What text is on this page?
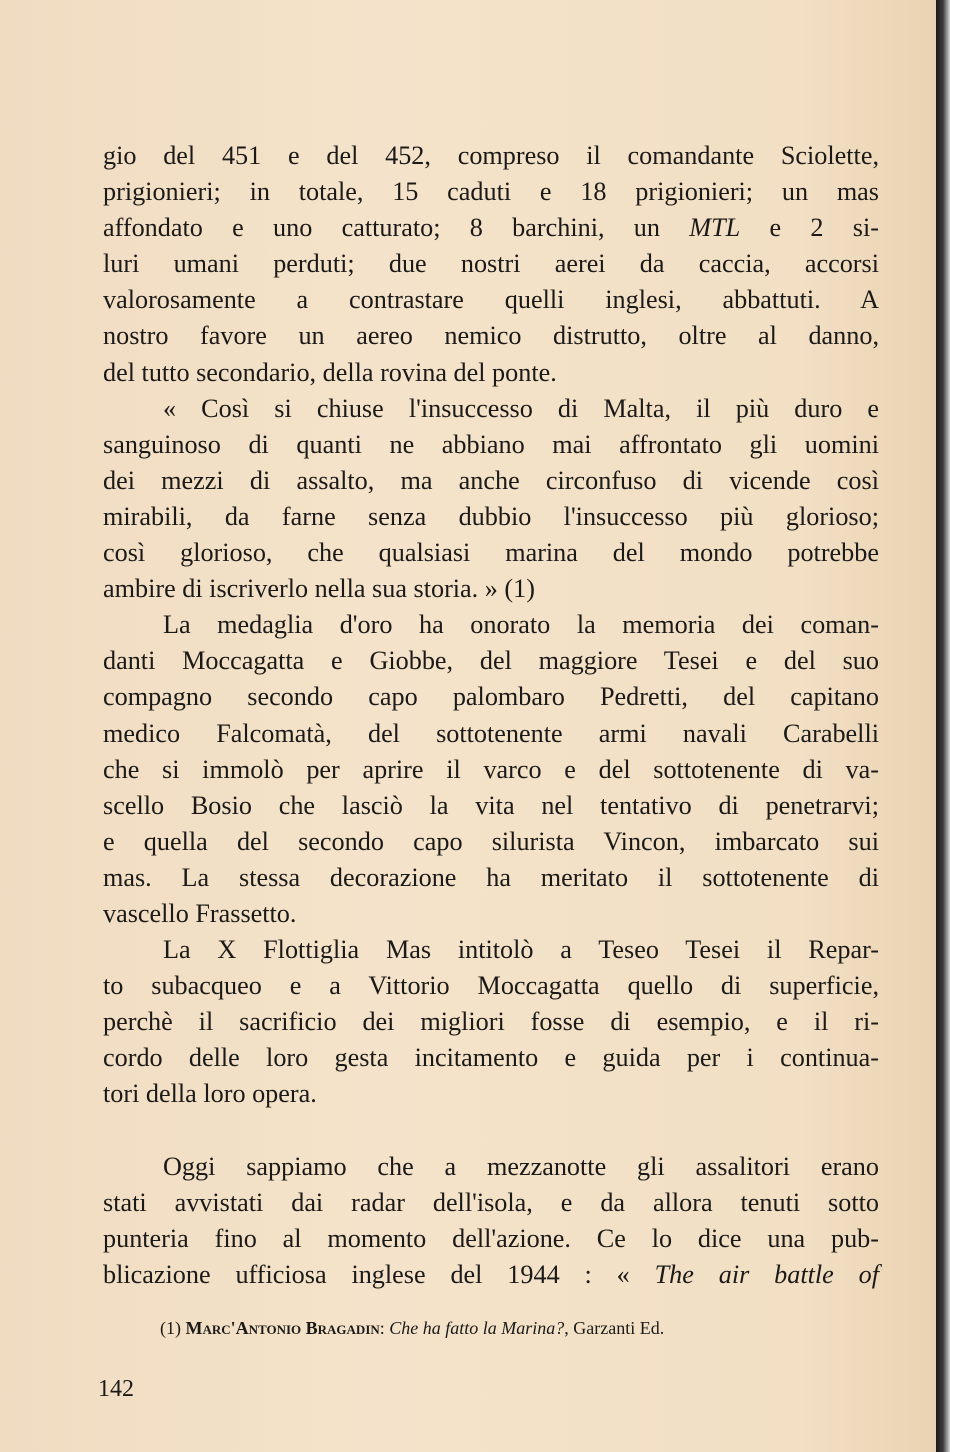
gio del 451 e del 452, compreso il comandante Sciolette,
prigionieri; in totale, 15 caduti e 18 prigionieri; un mas
affondato e uno catturato; 8 barchini, un MTL e 2 si-
luri umani perduti; due nostri aerei da caccia, accorsi
valorosamente a contrastare quelli inglesi, abbattuti. A
nostro favore un aereo nemico distrutto, oltre al danno,
del tutto secondario, della rovina del ponte.
« Così si chiuse l'insuccesso di Malta, il più duro e
sanguinoso di quanti ne abbiano mai affrontato gli uomini
dei mezzi di assalto, ma anche circonfuso di vicende così
mirabili, da farne senza dubbio l'insuccesso più glorioso;
così glorioso, che qualsiasi marina del mondo potrebbe
ambire di iscriverlo nella sua storia. » (1)
La medaglia d'oro ha onorato la memoria dei coman-
danti Moccagatta e Giobbe, del maggiore Tesei e del suo
compagno secondo capo palombaro Pedretti, del capitano
medico Falcomatà, del sottotenente armi navali Carabelli
che si immolò per aprire il varco e del sottotenente di va-
scello Bosio che lasciò la vita nel tentativo di penetrarvi;
e quella del secondo capo silurista Vincon, imbarcato sui
mas. La stessa decorazione ha meritato il sottotenente di
vascello Frassetto.
La X Flottiglia Mas intitolò a Teseo Tesei il Repar-
to subacqueo e a Vittorio Moccagatta quello di superficie,
perchè il sacrificio dei migliori fosse di esempio, e il ri-
cordo delle loro gesta incitamento e guida per i continua-
tori della loro opera.
Oggi sappiamo che a mezzanotte gli assalitori erano
stati avvistati dai radar dell'isola, e da allora tenuti sotto
punteria fino al momento dell'azione. Ce lo dice una pub-
blicazione ufficiosa inglese del 1944 : « The air battle of
(1) Marc'Antonio Bragadin: Che ha fatto la Marina?, Garzanti Ed.
142
